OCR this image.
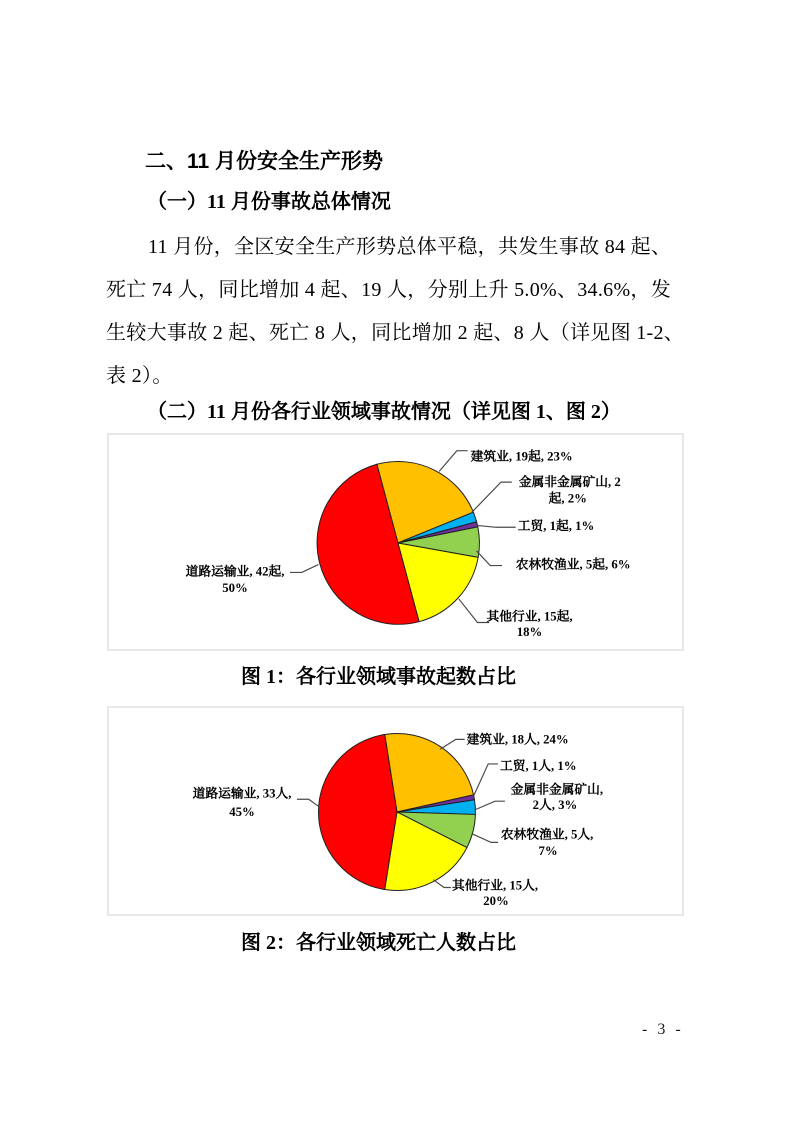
二、11 月份安全生产形势
（一）11 月份事故总体情况
11 月份，全区安全生产形势总体平稳，共发生事故 84 起、
死亡 74 人，同比增加 4 起、19 人，分别上升 5.0%、34.6%，发
生较大事故 2 起、死亡 8 人，同比增加 2 起、8 人（详见图 1-2、
表 2）。
（二）11 月份各行业领域事故情况（详见图 1、图 2）
建筑业, 19起, 23%
金属非金属矿山, 2
起, 2%
工贸, 1起, 1%
农林牧渔业, 5起, 6%
其他行业, 15起,
18%
道路运输业, 42起,
50%
图 1：各行业领域事故起数占比
建筑业, 18人, 24%
工贸, 1人, 1%
金属非金属矿山,
2人, 3%
农林牧渔业, 5人,
7%
其他行业, 15人,
20%
道路运输业, 33人,
45%
图 2：各行业领域死亡人数占比
- 3 -
